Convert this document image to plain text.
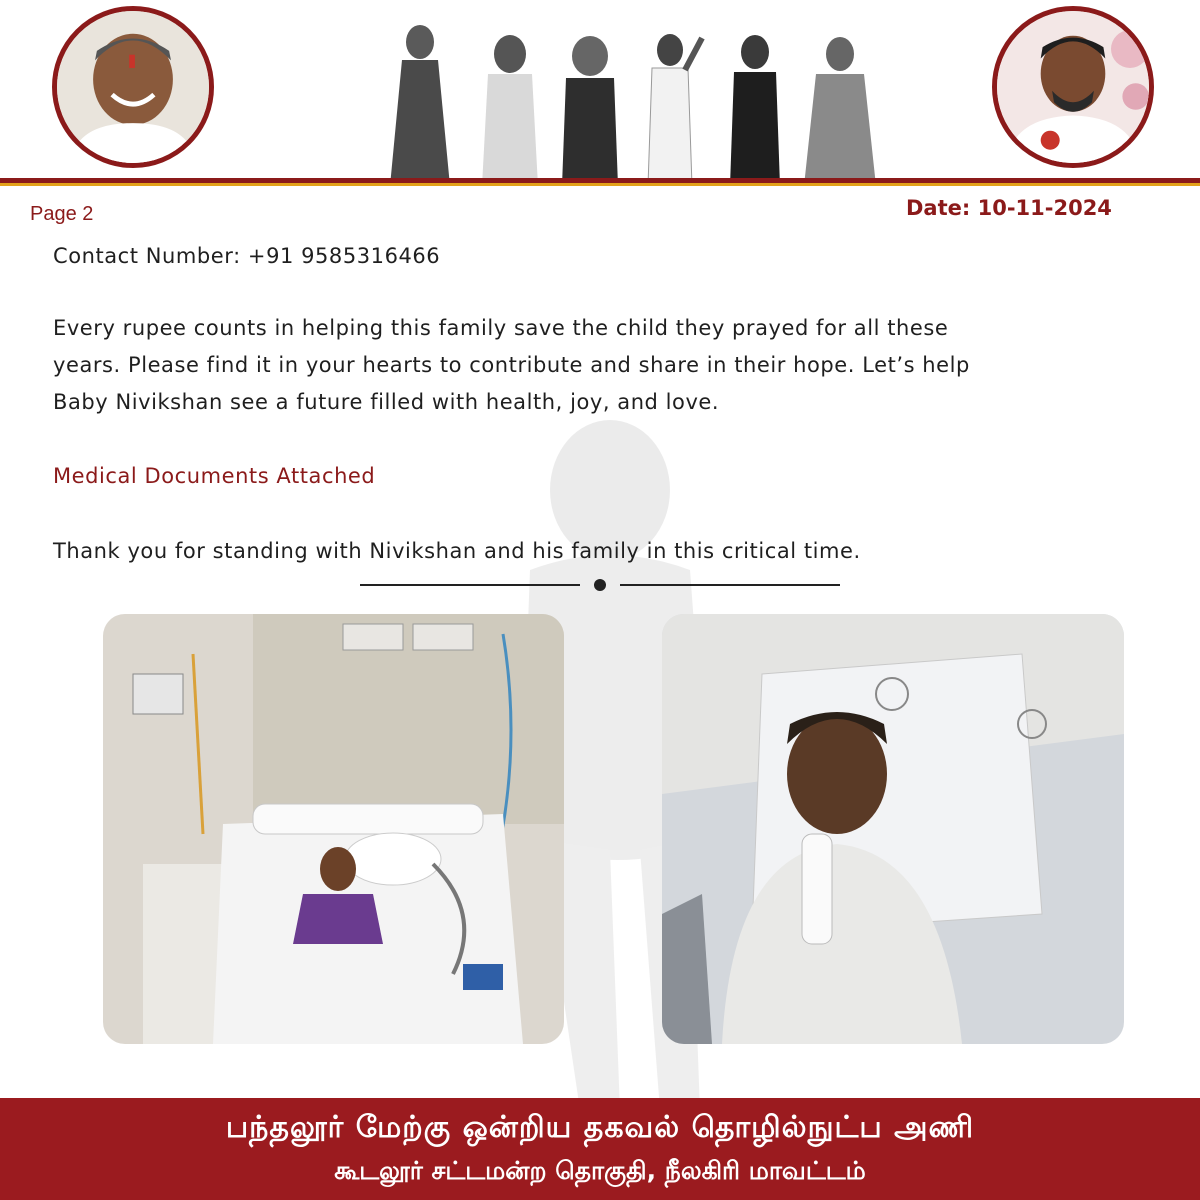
Page 2	Date: 10-11-2024
Contact Number: +91 9585316466
Every rupee counts in helping this family save the child they prayed for all these
years. Please find it in your hearts to contribute and share in their hope. Let’s help
Baby Nivikshan see a future filled with health, joy, and love.
Medical Documents Attached
Thank you for standing with Nivikshan and his family in this critical time.
பந்தலூர் மேற்கு ஒன்றிய தகவல் தொழில்நுட்ப அணி
கூடலூர் சட்டமன்ற தொகுதி, நீலகிரி மாவட்டம்
